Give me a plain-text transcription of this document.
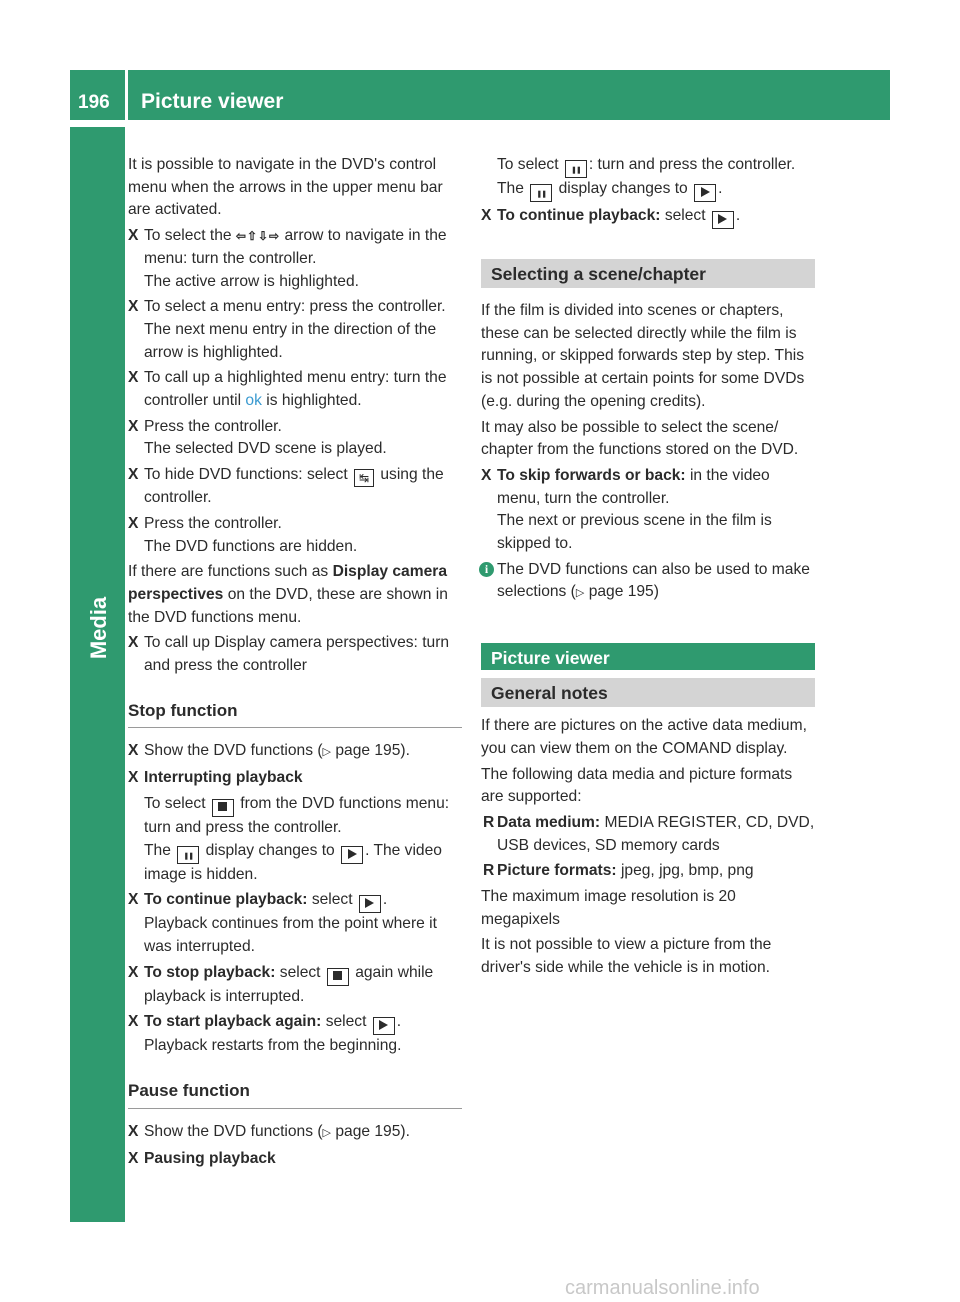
196 Picture viewer
Media
It is possible to navigate in the DVD's control menu when the arrows in the upper menu bar are activated.
X To select the ⇦⇧⇩⇨ arrow to navigate in the menu: turn the controller.
The active arrow is highlighted.
X To select a menu entry: press the controller.
The next menu entry in the direction of the arrow is highlighted.
X To call up a highlighted menu entry: turn the controller until ok is highlighted.
X Press the controller.
The selected DVD scene is played.
X To hide DVD functions: select ↹ using the controller.
X Press the controller.
The DVD functions are hidden.
If there are functions such as Display camera perspectives on the DVD, these are shown in the DVD functions menu.
X To call up Display camera perspectives: turn and press the controller
Stop function
X Show the DVD functions (▷ page 195).
X Interrupting playback
To select from the DVD functions menu: turn and press the controller.
The ❚❚ display changes to . The video image is hidden.
X To continue playback: select .
Playback continues from the point where it was interrupted.
X To stop playback: select again while playback is interrupted.
X To start playback again: select .
Playback restarts from the beginning.
Pause function
X Show the DVD functions (▷ page 195).
X Pausing playback
To select ❚❚ : turn and press the controller.
The ❚❚ display changes to .
X To continue playback: select .
Selecting a scene/chapter
If the film is divided into scenes or chapters, these can be selected directly while the film is running, or skipped forwards step by step. This is not possible at certain points for some DVDs (e.g. during the opening credits).
It may also be possible to select the scene/ chapter from the functions stored on the DVD.
X To skip forwards or back: in the video menu, turn the controller.
The next or previous scene in the film is skipped to.
i The DVD functions can also be used to make selections (▷ page 195)
Picture viewer
General notes
If there are pictures on the active data medium, you can view them on the COMAND display.
The following data media and picture formats are supported:
R Data medium: MEDIA REGISTER, CD, DVD, USB devices, SD memory cards
R Picture formats: jpeg, jpg, bmp, png
The maximum image resolution is 20 megapixels
It is not possible to view a picture from the driver's side while the vehicle is in motion.
carmanualsonline.info
